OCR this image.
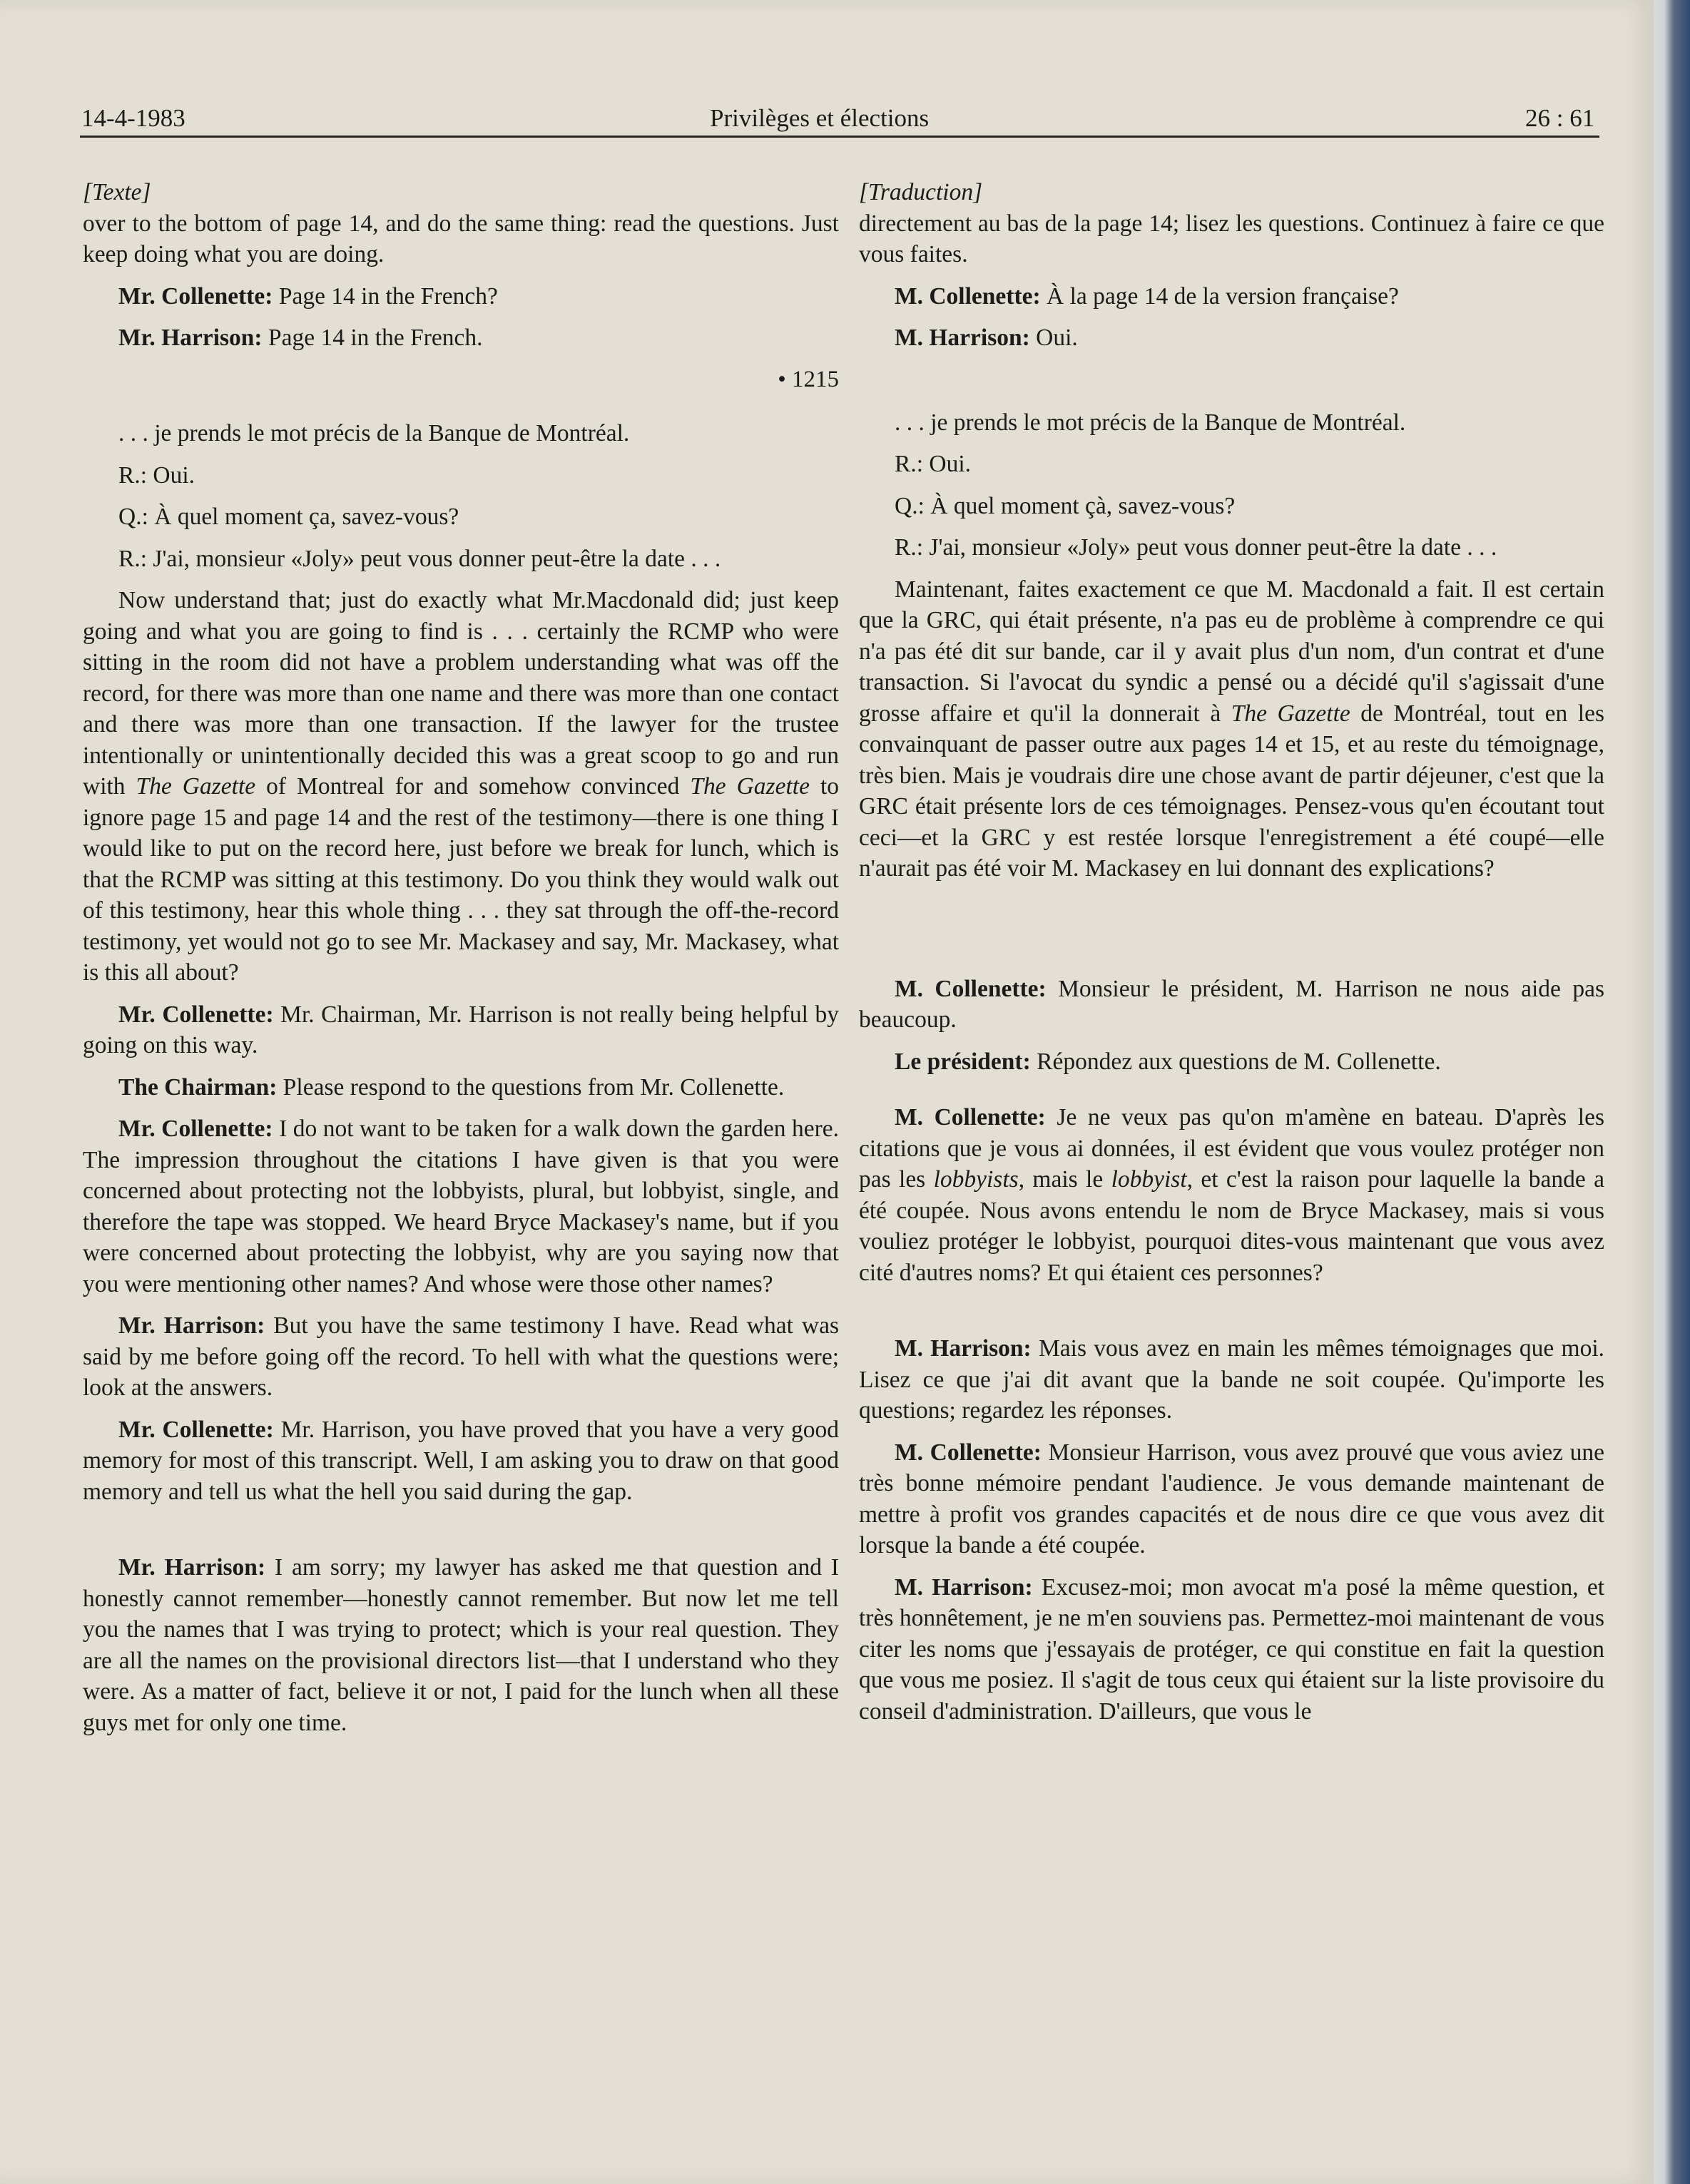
14-4-1983	Privilèges et élections	26 : 61

[Texte]

over to the bottom of page 14, and do the same thing: read the questions. Just keep doing what you are doing.

Mr. Collenette: Page 14 in the French?

Mr. Harrison: Page 14 in the French.

• 1215

. . . je prends le mot précis de la Banque de Montréal.

R.: Oui.

Q.: À quel moment ça, savez-vous?

R.: J'ai, monsieur «Joly» peut vous donner peut-être la date . . .

Now understand that; just do exactly what Mr.Macdonald did; just keep going and what you are going to find is . . . certainly the RCMP who were sitting in the room did not have a problem understanding what was off the record, for there was more than one name and there was more than one contact and there was more than one transaction. If the lawyer for the trustee intentionally or unintentionally decided this was a great scoop to go and run with The Gazette of Montreal for and somehow convinced The Gazette to ignore page 15 and page 14 and the rest of the testimony—there is one thing I would like to put on the record here, just before we break for lunch, which is that the RCMP was sitting at this testimony. Do you think they would walk out of this testimony, hear this whole thing . . . they sat through the off-the-record testimony, yet would not go to see Mr. Mackasey and say, Mr. Mackasey, what is this all about?

Mr. Collenette: Mr. Chairman, Mr. Harrison is not really being helpful by going on this way.

The Chairman: Please respond to the questions from Mr. Collenette.

Mr. Collenette: I do not want to be taken for a walk down the garden here. The impression throughout the citations I have given is that you were concerned about protecting not the lobbyists, plural, but lobbyist, single, and therefore the tape was stopped. We heard Bryce Mackasey's name, but if you were concerned about protecting the lobbyist, why are you saying now that you were mentioning other names? And whose were those other names?

Mr. Harrison: But you have the same testimony I have. Read what was said by me before going off the record. To hell with what the questions were; look at the answers.

Mr. Collenette: Mr. Harrison, you have proved that you have a very good memory for most of this transcript. Well, I am asking you to draw on that good memory and tell us what the hell you said during the gap.

Mr. Harrison: I am sorry; my lawyer has asked me that question and I honestly cannot remember—honestly cannot remember. But now let me tell you the names that I was trying to protect; which is your real question. They are all the names on the provisional directors list—that I understand who they were. As a matter of fact, believe it or not, I paid for the lunch when all these guys met for only one time.

[Traduction]

directement au bas de la page 14; lisez les questions. Continuez à faire ce que vous faites.

M. Collenette: À la page 14 de la version française?

M. Harrison: Oui.

. . . je prends le mot précis de la Banque de Montréal.

R.: Oui.

Q.: À quel moment çà, savez-vous?

R.: J'ai, monsieur «Joly» peut vous donner peut-être la date . . .

Maintenant, faites exactement ce que M. Macdonald a fait. Il est certain que la GRC, qui était présente, n'a pas eu de problème à comprendre ce qui n'a pas été dit sur bande, car il y avait plus d'un nom, d'un contrat et d'une transaction. Si l'avocat du syndic a pensé ou a décidé qu'il s'agissait d'une grosse affaire et qu'il la donnerait à The Gazette de Montréal, tout en les convainquant de passer outre aux pages 14 et 15, et au reste du témoignage, très bien. Mais je voudrais dire une chose avant de partir déjeuner, c'est que la GRC était présente lors de ces témoignages. Pensez-vous qu'en écoutant tout ceci—et la GRC y est restée lorsque l'enregistrement a été coupé—elle n'aurait pas été voir M. Mackasey en lui donnant des explications?

M. Collenette: Monsieur le président, M. Harrison ne nous aide pas beaucoup.

Le président: Répondez aux questions de M. Collenette.

M. Collenette: Je ne veux pas qu'on m'amène en bateau. D'après les citations que je vous ai données, il est évident que vous voulez protéger non pas les lobbyists, mais le lobbyist, et c'est la raison pour laquelle la bande a été coupée. Nous avons entendu le nom de Bryce Mackasey, mais si vous vouliez protéger le lobbyist, pourquoi dites-vous maintenant que vous avez cité d'autres noms? Et qui étaient ces personnes?

M. Harrison: Mais vous avez en main les mêmes témoignages que moi. Lisez ce que j'ai dit avant que la bande ne soit coupée. Qu'importe les questions; regardez les réponses.

M. Collenette: Monsieur Harrison, vous avez prouvé que vous aviez une très bonne mémoire pendant l'audience. Je vous demande maintenant de mettre à profit vos grandes capacités et de nous dire ce que vous avez dit lorsque la bande a été coupée.

M. Harrison: Excusez-moi; mon avocat m'a posé la même question, et très honnêtement, je ne m'en souviens pas. Permettez-moi maintenant de vous citer les noms que j'essayais de protéger, ce qui constitue en fait la question que vous me posiez. Il s'agit de tous ceux qui étaient sur la liste provisoire du conseil d'administration. D'ailleurs, que vous le
